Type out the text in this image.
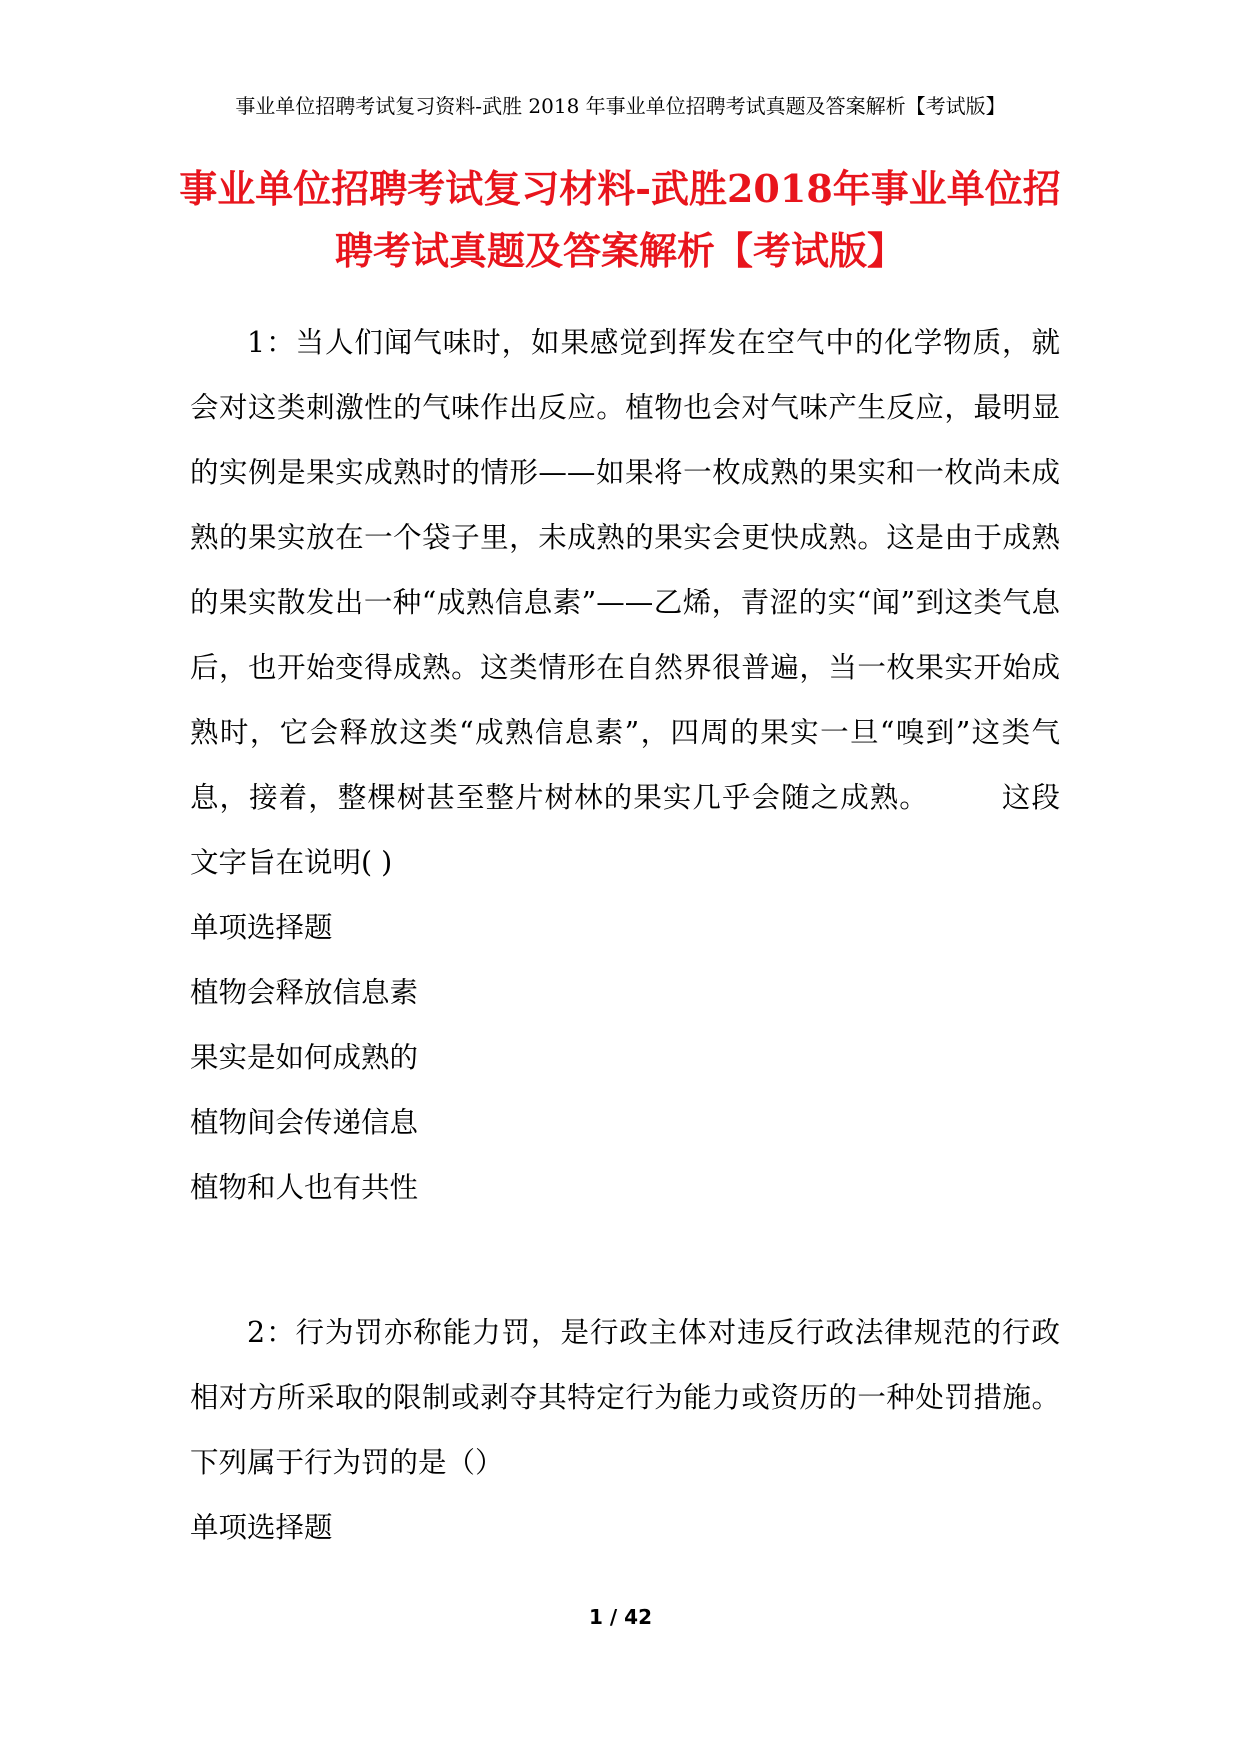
事业单位招聘考试复习资料-武胜 2018 年事业单位招聘考试真题及答案解析【考试版】
事业单位招聘考试复习材料-武胜2018年事业单位招
聘考试真题及答案解析【考试版】

1：当人们闻气味时，如果感觉到挥发在空气中的化学物质，就会对这类刺激性的气味作出反应。植物也会对气味产生反应，最明显的实例是果实成熟时的情形——如果将一枚成熟的果实和一枚尚未成熟的果实放在一个袋子里，未成熟的果实会更快成熟。这是由于成熟的果实散发出一种“成熟信息素”——乙烯，青涩的实“闻”到这类气息后，也开始变得成熟。这类情形在自然界很普遍，当一枚果实开始成熟时，它会释放这类“成熟信息素”，四周的果实一旦“嗅到”这类气息，接着，整棵树甚至整片树林的果实几乎会随之成熟。	这段文字旨在说明( )

单项选择题
植物会释放信息素
果实是如何成熟的
植物间会传递信息
植物和人也有共性

2：行为罚亦称能力罚，是行政主体对违反行政法律规范的行政相对方所采取的限制或剥夺其特定行为能力或资历的一种处罚措施。下列属于行为罚的是（）

单项选择题
1 / 42
